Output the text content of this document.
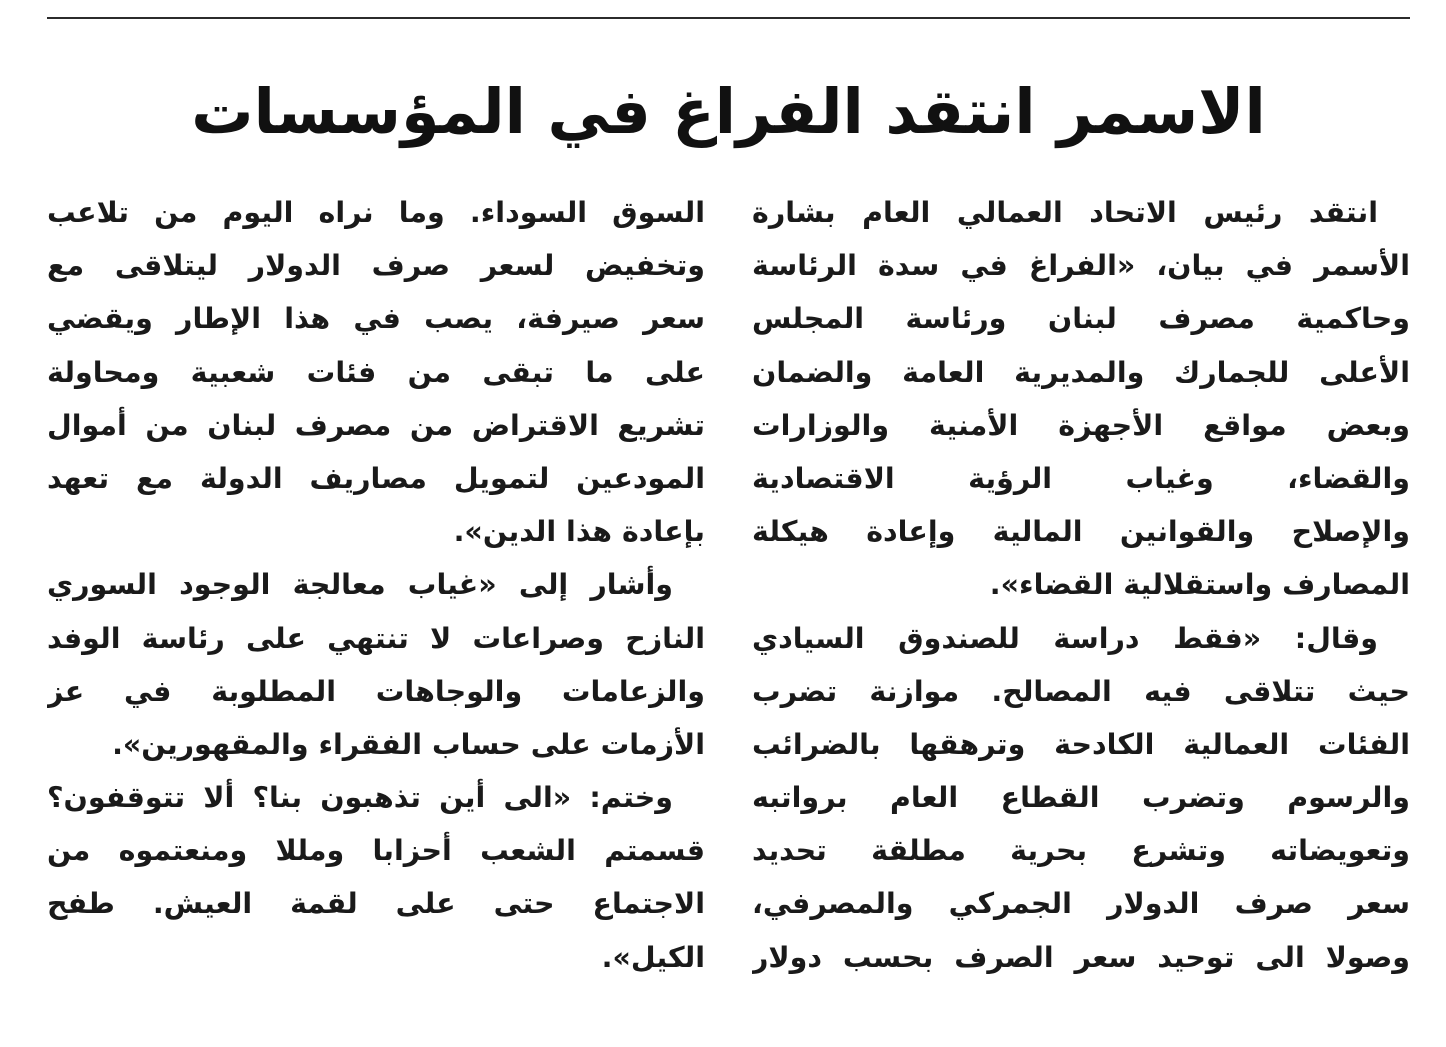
الاسمر انتقد الفراغ في المؤسسات
انتقد رئيس الاتحاد العمالي العام بشارة
الأسمر في بيان، «الفراغ في سدة الرئاسة
وحاكمية مصرف لبنان ورئاسة المجلس
الأعلى للجمارك والمديرية العامة والضمان
وبعض مواقع الأجهزة الأمنية والوزارات
والقضاء، وغياب الرؤية الاقتصادية
والإصلاح والقوانين المالية وإعادة هيكلة
المصارف واستقلالية القضاء».
وقال: «فقط دراسة للصندوق السيادي
حيث تتلاقى فيه المصالح. موازنة تضرب
الفئات العمالية الكادحة وترهقها بالضرائب
والرسوم وتضرب القطاع العام برواتبه
وتعويضاته وتشرع بحرية مطلقة تحديد
سعر صرف الدولار الجمركي والمصرفي،
وصولا الى توحيد سعر الصرف بحسب دولار
السوق السوداء. وما نراه اليوم من تلاعب
وتخفيض لسعر صرف الدولار ليتلاقى مع
سعر صيرفة، يصب في هذا الإطار ويقضي
على ما تبقى من فئات شعبية ومحاولة
تشريع الاقتراض من مصرف لبنان من أموال
المودعين لتمويل مصاريف الدولة مع تعهد
بإعادة هذا الدين».
وأشار إلى «غياب معالجة الوجود السوري
النازح وصراعات لا تنتهي على رئاسة الوفد
والزعامات والوجاهات المطلوبة في عز
الأزمات على حساب الفقراء والمقهورين».
وختم: «الى أين تذهبون بنا؟ ألا تتوقفون؟
قسمتم الشعب أحزابا ومللا ومنعتموه من
الاجتماع حتى على لقمة العيش. طفح
الكيل».
